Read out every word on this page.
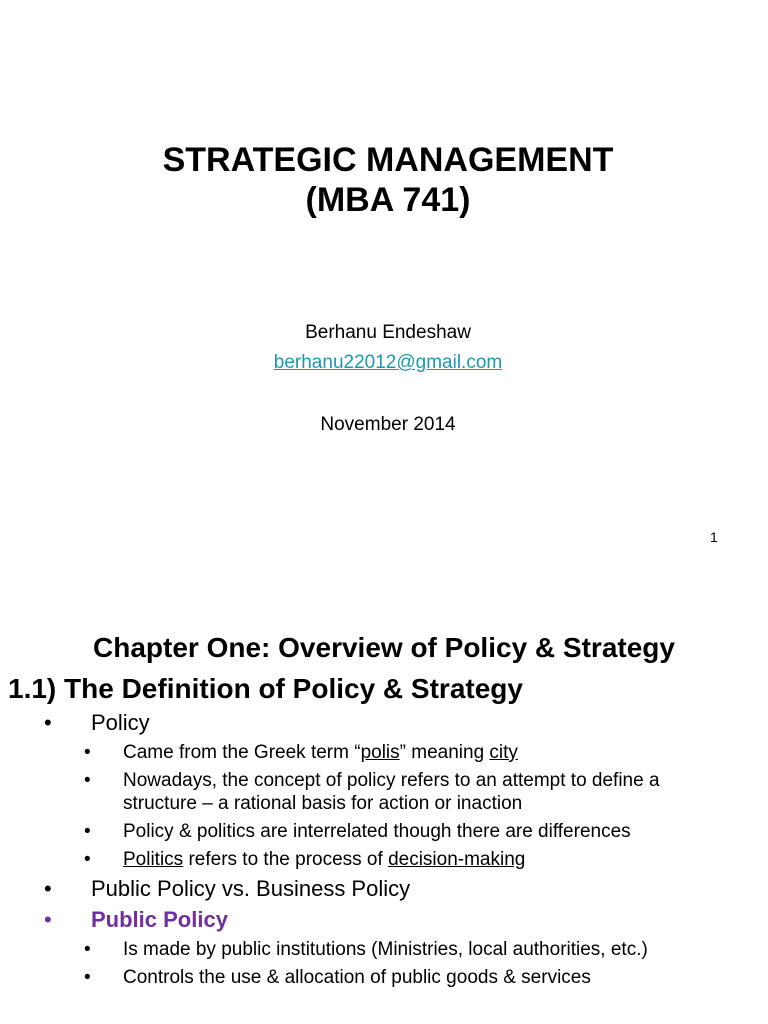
STRATEGIC MANAGEMENT
(MBA 741)
Berhanu Endeshaw
berhanu22012@gmail.com
November 2014
1
Chapter One: Overview of Policy & Strategy
1.1) The Definition of Policy & Strategy
• Policy
• Came from the Greek term “polis” meaning city
• Nowadays, the concept of policy refers to an attempt to define a structure – a rational basis for action or inaction
• Policy & politics are interrelated though there are differences
• Politics refers to the process of decision-making
• Public Policy vs. Business Policy
• Public Policy
• Is made by public institutions (Ministries, local authorities, etc.)
• Controls the use & allocation of public goods & services
